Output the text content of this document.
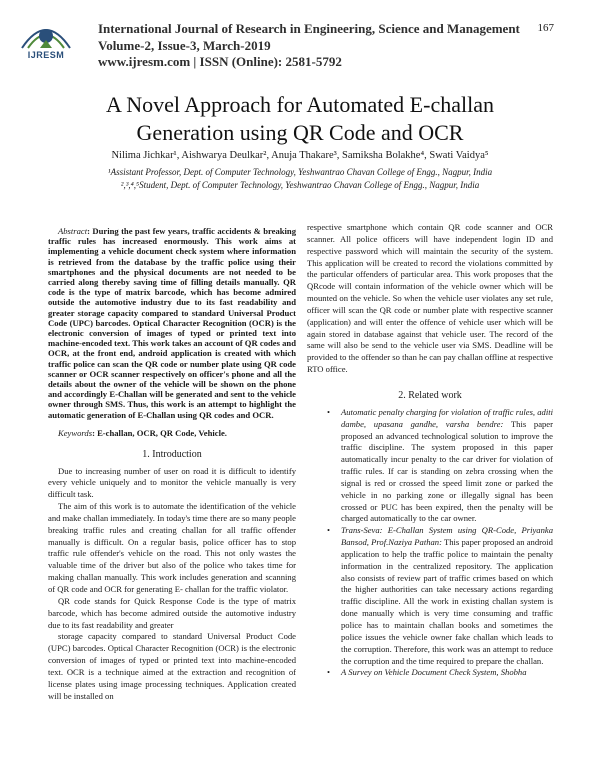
IJRESM
International Journal of Research in Engineering, Science and Management
Volume-2, Issue-3, March-2019
www.ijresm.com | ISSN (Online): 2581-5792
167
A Novel Approach for Automated E-challan
Generation using QR Code and OCR
Nilima Jichkar¹, Aishwarya Deulkar², Anuja Thakare³, Samiksha Bolakhe⁴, Swati Vaidya⁵
¹Assistant Professor, Dept. of Computer Technology, Yeshwantrao Chavan College of Engg., Nagpur, India
²,³,⁴,⁵Student, Dept. of Computer Technology, Yeshwantrao Chavan College of Engg., Nagpur, India

Abstract: During the past few years, traffic accidents & breaking traffic rules has increased enormously. This work aims at implementing a vehicle document check system where information is retrieved from the database by the traffic police using their smartphones and the physical documents are not needed to be carried along thereby saving time of filling details manually. QR code is the type of matrix barcode, which has become admired outside the automotive industry due to its fast readability and greater storage capacity compared to standard Universal Product Code (UPC) barcodes. Optical Character Recognition (OCR) is the electronic conversion of images of typed or printed text into machine-encoded text. This work takes an account of QR codes and OCR, at the front end, android application is created with which traffic police can scan the QR code or number plate using QR code scanner or OCR scanner respectively on officer's phone and all the details about the owner of the vehicle will be shown on the phone and accordingly E-Challan will be generated and sent to the vehicle owner through SMS. Thus, this work is an attempt to highlight the automatic generation of E-Challan using QR codes and OCR.

Keywords: E-challan, OCR, QR Code, Vehicle.

1. Introduction

Due to increasing number of user on road it is difficult to identify every vehicle uniquely and to monitor the vehicle manually is very difficult task.

The aim of this work is to automate the identification of the vehicle and make challan immediately. In today's time there are so many people breaking traffic rules and creating challan for all traffic offender manually is difficult. On a regular basis, police officer has to stop traffic rule offender's vehicle on the road. This not only wastes the valuable time of the driver but also of the police who takes time for making challan manually. This work includes generation and scanning of QR code and OCR for generating E- challan for the traffic violator.

QR code stands for Quick Response Code is the type of matrix barcode, which has become admired outside the automotive industry due to its fast readability and greater

storage capacity compared to standard Universal Product Code (UPC) barcodes. Optical Character Recognition (OCR) is the electronic conversion of images of typed or printed text into machine-encoded text. OCR is a technique aimed at the extraction and recognition of license plates using image processing techniques. Application created will be installed on

respective smartphone which contain QR code scanner and OCR scanner. All police officers will have independent login ID and respective password which will maintain the security of the system. This application will be created to record the violations committed by the particular offenders of particular area. This work proposes that the QRcode will contain information of the vehicle owner which will be mounted on the vehicle. So when the vehicle user violates any set rule, officer will scan the QR code or number plate with respective scanner (application) and will enter the offence of vehicle user which will be again stored in database against that vehicle user. The record of the same will also be send to the vehicle user via SMS. Deadline will be provided to the offender so than he can pay challan offline at respective RTO office.

2. Related work
• Automatic penalty charging for violation of traffic rules, aditi dambe, upasana gandhe, varsha bendre: This paper proposed an advanced technological solution to improve the traffic discipline. The system proposed in this paper automatically incur penalty to the car driver for violation of traffic rules. If car is standing on zebra crossing when the signal is red or crossed the speed limit zone or parked the vehicle in no parking zone or illegally signal has been crossed or PUC has been expired, then the penalty will be charged automatically to the car owner.
• Trans-Seva: E-Challan System using QR-Code, Priyanka Bansod, Prof.Naziya Pathan: This paper proposed an android application to help the traffic police to maintain the penalty information in the centralized repository. The application also consists of review part of traffic crimes based on which the higher authorities can take necessary actions regarding traffic discipline. All the work in existing challan system is done manually which is very time consuming and traffic police has to maintain challan books and sometimes the police issues the vehicle owner fake challan which leads to the corruption. Therefore, this work was an attempt to reduce the corruption and the time required to prepare the challan.
• A Survey on Vehicle Document Check System, Shobha
